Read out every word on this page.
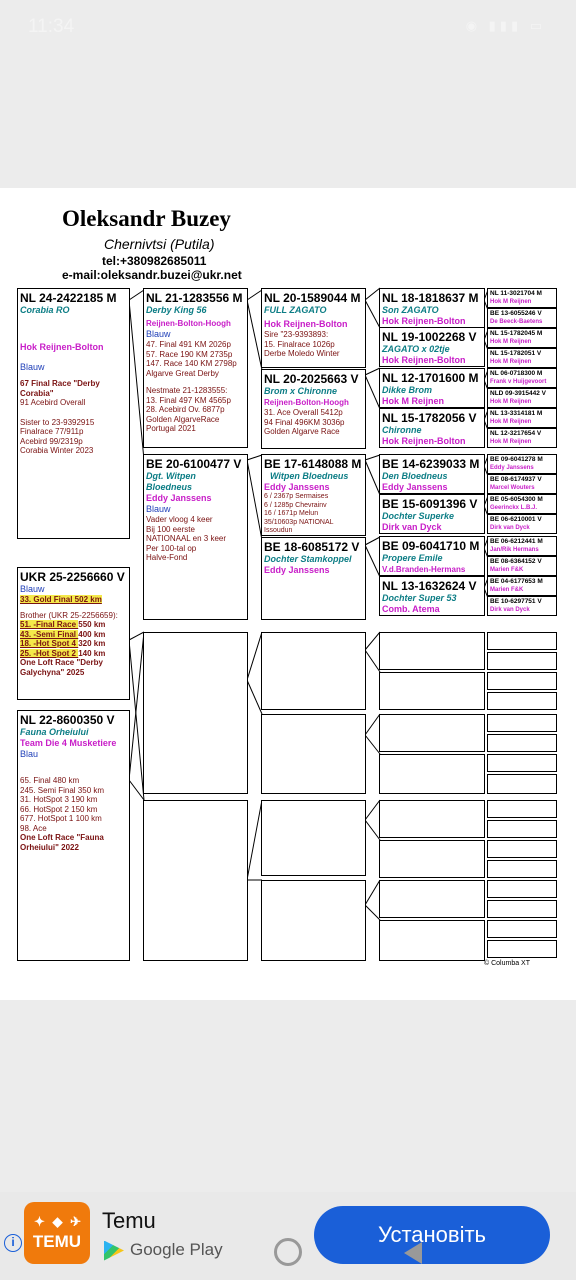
11:34	◉ ▮▮▮ ▭
Oleksandr Buzey
Chernivtsi (Putila)
tel:+380982685011
e-mail:oleksandr.buzei@ukr.net
NL 24-2422185 M
Corabia RO
Hok Reijnen-Bolton
Blauw
67 Final Race "Derby
Corabia"
91 Acebird Overall
Sister to 23-9392915
Finalrace 77/911p
Acebird 99/2319p
Corabia Winter 2023
UKR 25-2256660 V
Blauw
33. Gold Final 502 km
Brother (UKR 25-2256659):
51. -Final Race 550 km
43. -Semi Final 400 km
18. -Hot Spot 4 320 km
25. -Hot Spot 2 140 km
One Loft Race "Derby
Galychyna" 2025
NL 22-8600350 V
Fauna Orheiului
Team Die 4 Musketiere
Blau
65. Final 480 km
245. Semi Final 350 km
31. HotSpot 3 190 km
66. HotSpot 2 150 km
677. HotSpot 1 100 km
98. Ace
One Loft Race "Fauna
Orheiului" 2022
NL 21-1283556 M
Derby King 56
Reijnen-Bolton-Hoogh
Blauw
47. Final 491 KM 2026p
57. Race 190 KM 2735p
147. Race 140 KM 2798p
Algarve Great Derby
Nestmate 21-1283555:
13. Final 497 KM 4565p
28. Acebird Ov. 6877p
Golden AlgarveRace
Portugal 2021
BE 20-6100477 V
Dgt. Witpen
Bloedneus
Eddy Janssens
Blauw
Vader vloog 4 keer
Bij 100 eerste
NATIONAAL en 3 keer
Per 100-tal op
Halve-Fond
NL 20-1589044 M
FULL ZAGATO
Hok Reijnen-Bolton
Sire "23-9393893:
15. Finalrace 1026p
Derbe Moledo Winter
NL 20-2025663 V
Brom x Chironne
Reijnen-Bolton-Hoogh
31. Ace Overall 5412p
94 Final 496KM 3036p
Golden Algarve Race
BE 17-6148088 M
Witpen Bloedneus
Eddy Janssens
6 / 2367p Sermaises
6 / 1285p Chevrainv
16 / 1671p Melun
35/10603p NATIONAL
Issoudun
BE 18-6085172 V
Dochter Stamkoppel
Eddy Janssens
NL 18-1818637 M
Son ZAGATO
Hok Reijnen-Bolton
NL 19-1002268 V
ZAGATO x 02tje
Hok Reijnen-Bolton
NL 12-1701600 M
Dikke Brom
Hok M Reijnen
NL 15-1782056 V
Chironne
Hok Reijnen-Bolton
BE 14-6239033 M
Den Bloedneus
Eddy Janssens
BE 15-6091396 V
Dochter Superke
Dirk van Dyck
BE 09-6041710 M
Propere Emile
V.d.Branden-Hermans
NL 13-1632624 V
Dochter Super 53
Comb. Atema
NL 11-3021704 M
Hok M Reijnen
BE 13-6055246 V
De Beeck-Baetens
NL 15-1782045 M
Hok M Reijnen
NL 15-1782051 V
Hok M Reijnen
NL 06-0718300 M
Frank v Huijgevoort
NLD 09-3915442 V
Hok M Reijnen
NL 13-3314181 M
Hok M Reijnen
NL 12-3217654 V
Hok M Reijnen
BE 09-6041278 M
Eddy Janssens
BE 08-6174937 V
Marcel Wouters
BE 05-6054300 M
Geerinckx L.B.J.
BE 06-6210001 V
Dirk van Dyck
BE 06-6212441 M
Jan/Rik Hermans
BE 08-6364152 V
Marien F&K
BE 04-6177653 M
Marien F&K
BE 10-6297751 V
Dirk van Dyck
© Columba XT
i
✦ ◆ ✈
TEMU
Temu
Google Play
Установіть
